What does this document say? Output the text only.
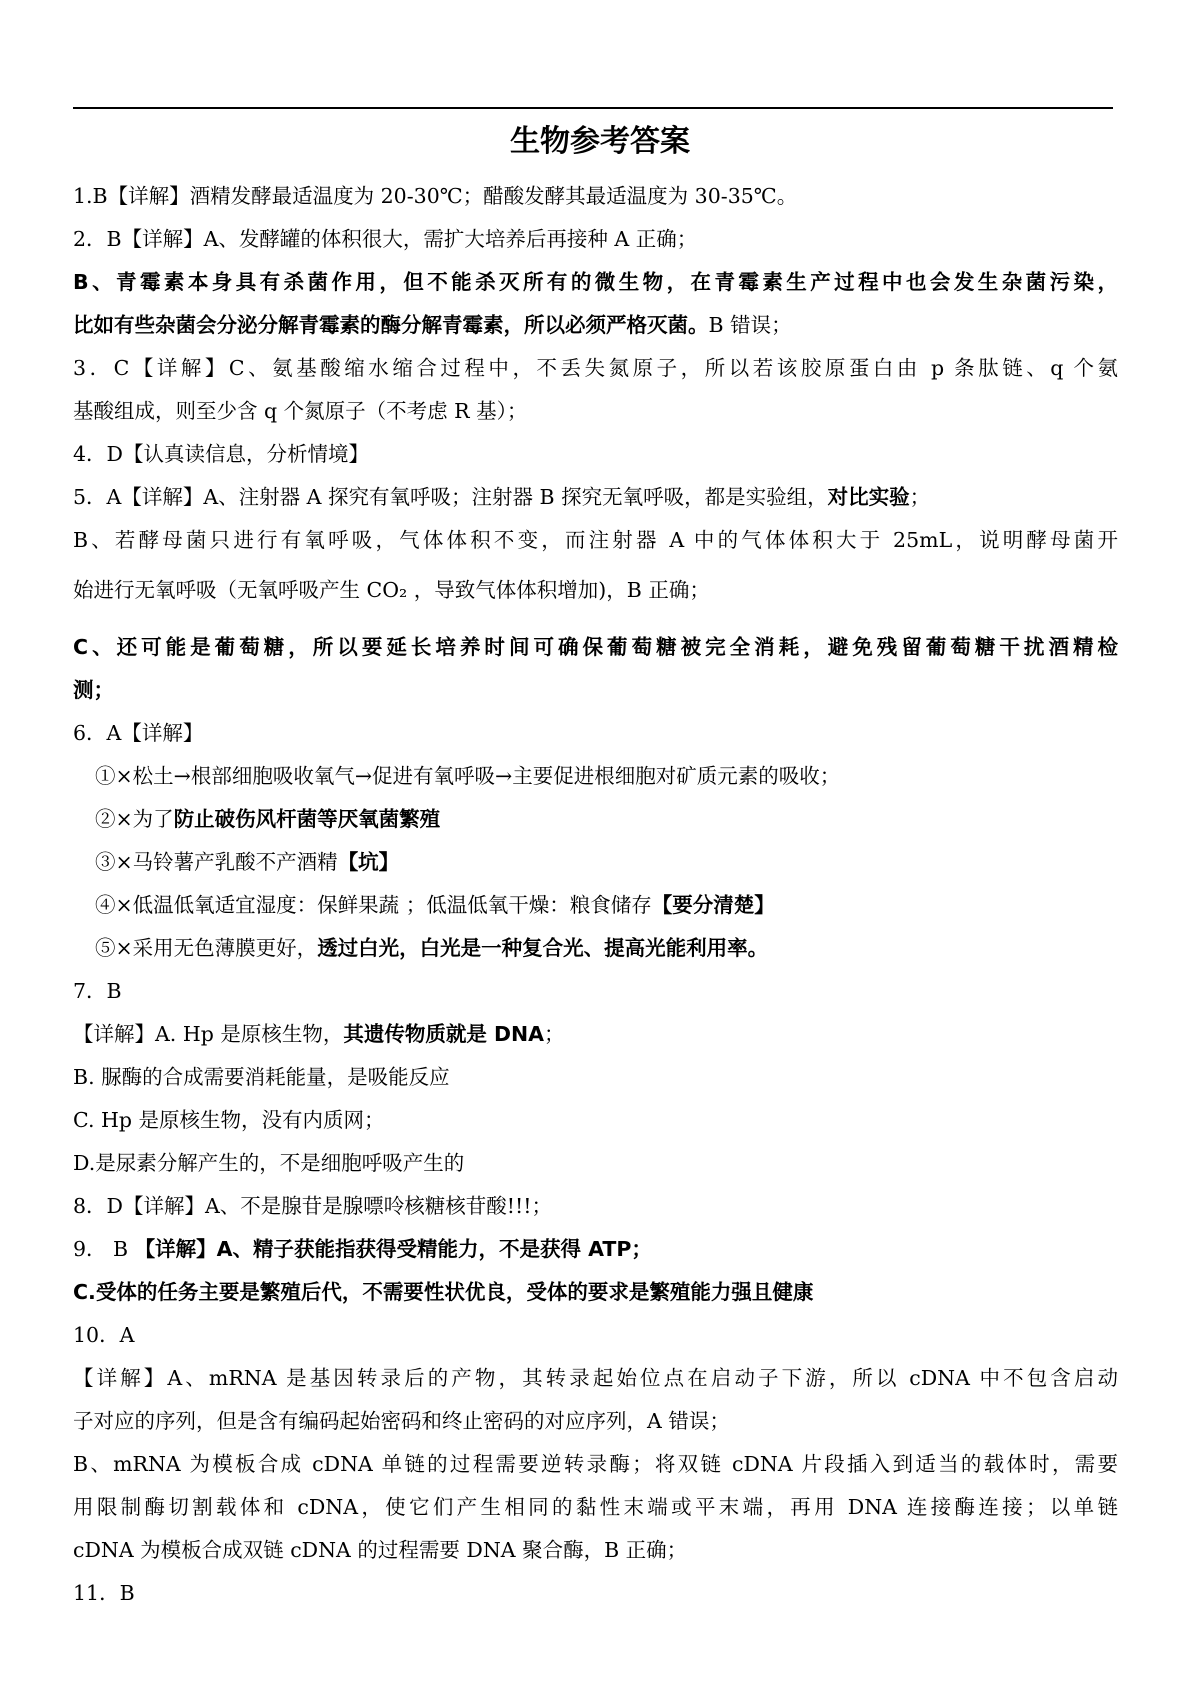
生物参考答案
1.B【详解】酒精发酵最适温度为 20-30℃；醋酸发酵其最适温度为 30-35℃。
2．B【详解】A、发酵罐的体积很大，需扩大培养后再接种 A 正确；
B、青霉素本身具有杀菌作用，但不能杀灭所有的微生物，在青霉素生产过程中也会发生杂菌污染，
比如有些杂菌会分泌分解青霉素的酶分解青霉素，所以必须严格灭菌。B 错误；
3．C【详解】C、氨基酸缩水缩合过程中，不丢失氮原子，所以若该胶原蛋白由 p 条肽链、q 个氨
基酸组成，则至少含 q 个氮原子（不考虑 R 基）；
4．D【认真读信息，分析情境】
5．A【详解】A、注射器 A 探究有氧呼吸；注射器 B 探究无氧呼吸，都是实验组，对比实验；
B、若酵母菌只进行有氧呼吸，气体体积不变，而注射器 A 中的气体体积大于 25mL，说明酵母菌开
始进行无氧呼吸（无氧呼吸产生 CO₂ ，导致气体体积增加)，B 正确；
C、还可能是葡萄糖，所以要延长培养时间可确保葡萄糖被完全消耗，避免残留葡萄糖干扰酒精检
测；
6．A【详解】
①×松土→根部细胞吸收氧气→促进有氧呼吸→主要促进根细胞对矿质元素的吸收；
②×为了防止破伤风杆菌等厌氧菌繁殖
③×马铃薯产乳酸不产酒精【坑】
④×低温低氧适宜湿度：保鲜果蔬 ；低温低氧干燥：粮食储存【要分清楚】
⑤×采用无色薄膜更好，透过白光，白光是一种复合光、提高光能利用率。
7．B
【详解】A. Hp 是原核生物，其遗传物质就是 DNA；
B. 脲酶的合成需要消耗能量，是吸能反应
C. Hp 是原核生物，没有内质网；
D.是尿素分解产生的，不是细胞呼吸产生的
8．D【详解】A、不是腺苷是腺嘌呤核糖核苷酸!!!；
9． B 【详解】A、精子获能指获得受精能力，不是获得 ATP；
C.受体的任务主要是繁殖后代，不需要性状优良，受体的要求是繁殖能力强且健康
10．A
【详解】A、mRNA 是基因转录后的产物，其转录起始位点在启动子下游，所以 cDNA 中不包含启动
子对应的序列，但是含有编码起始密码和终止密码的对应序列，A 错误；
B、mRNA 为模板合成 cDNA 单链的过程需要逆转录酶；将双链 cDNA 片段插入到适当的载体时，需要
用限制酶切割载体和 cDNA，使它们产生相同的黏性末端或平末端，再用 DNA 连接酶连接；以单链
cDNA 为模板合成双链 cDNA 的过程需要 DNA 聚合酶，B 正确；
11．B
